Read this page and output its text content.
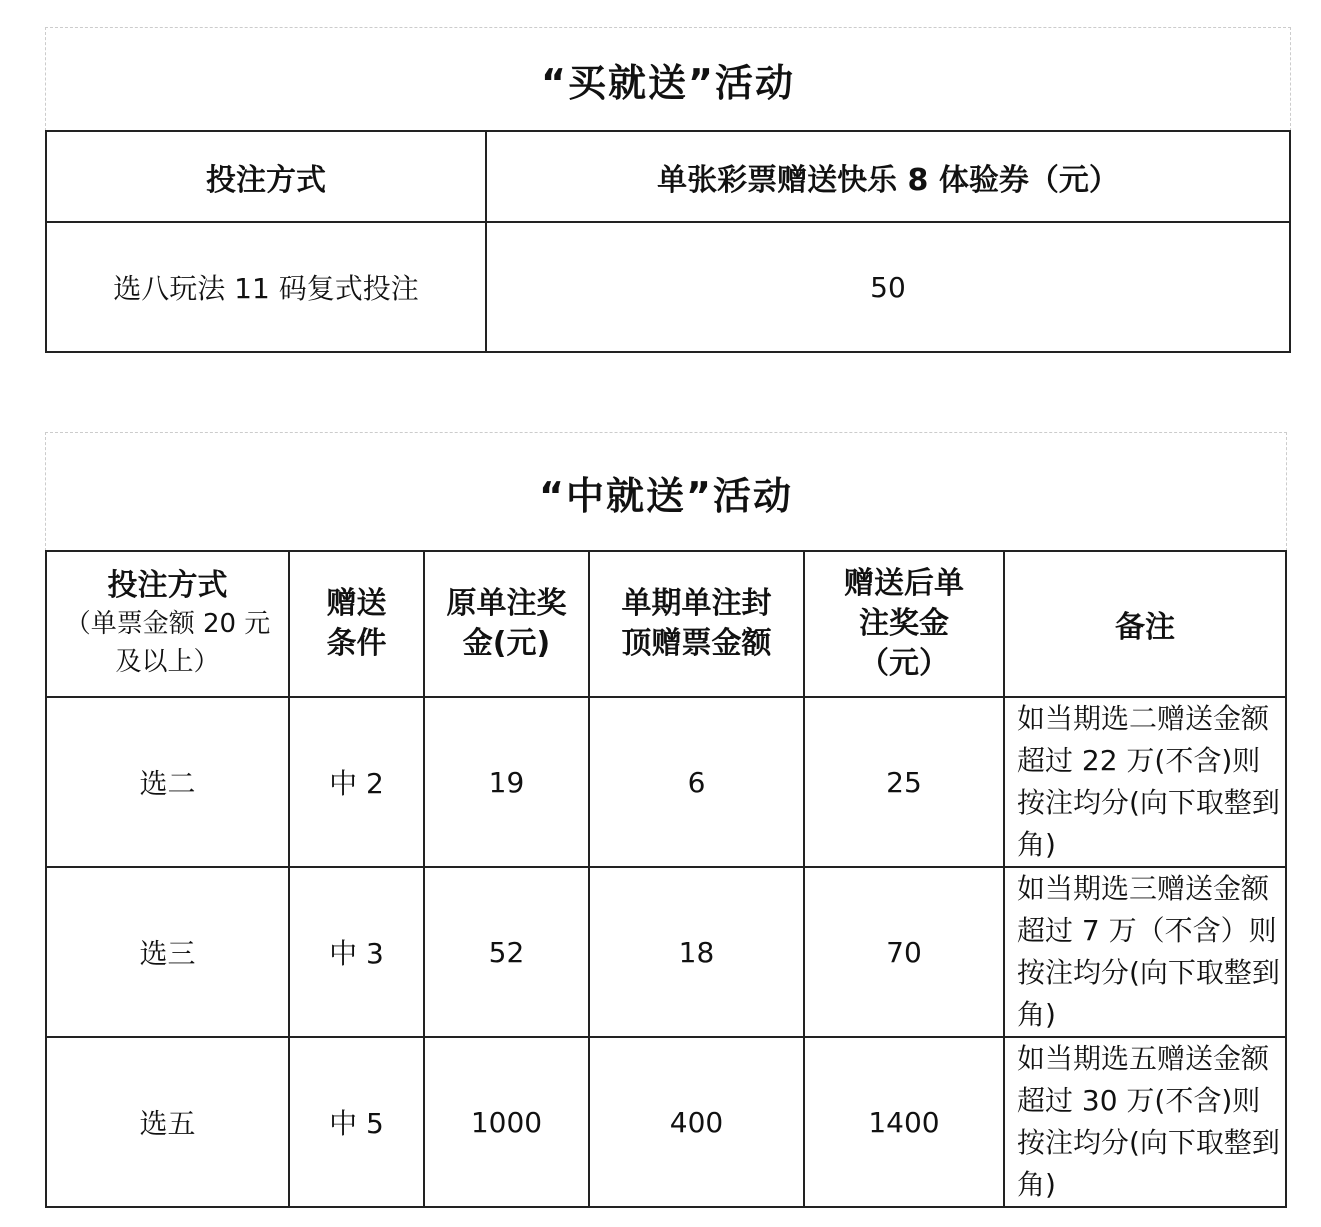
“买就送”活动
投注方式	单张彩票赠送快乐 8 体验券（元）
选八玩法 11 码复式投注	50
“中就送”活动
投注方式
（单票金额 20 元及以上）	赠送条件	原单注奖金(元)	单期单注封顶赠票金额	赠送后单注奖金（元）	备注
选二	中 2	19	6	25	如当期选二赠送金额超过 22 万(不含)则按注均分(向下取整到角)
选三	中 3	52	18	70	如当期选三赠送金额超过 7 万（不含）则按注均分(向下取整到角)
选五	中 5	1000	400	1400	如当期选五赠送金额超过 30 万(不含)则按注均分(向下取整到角)
